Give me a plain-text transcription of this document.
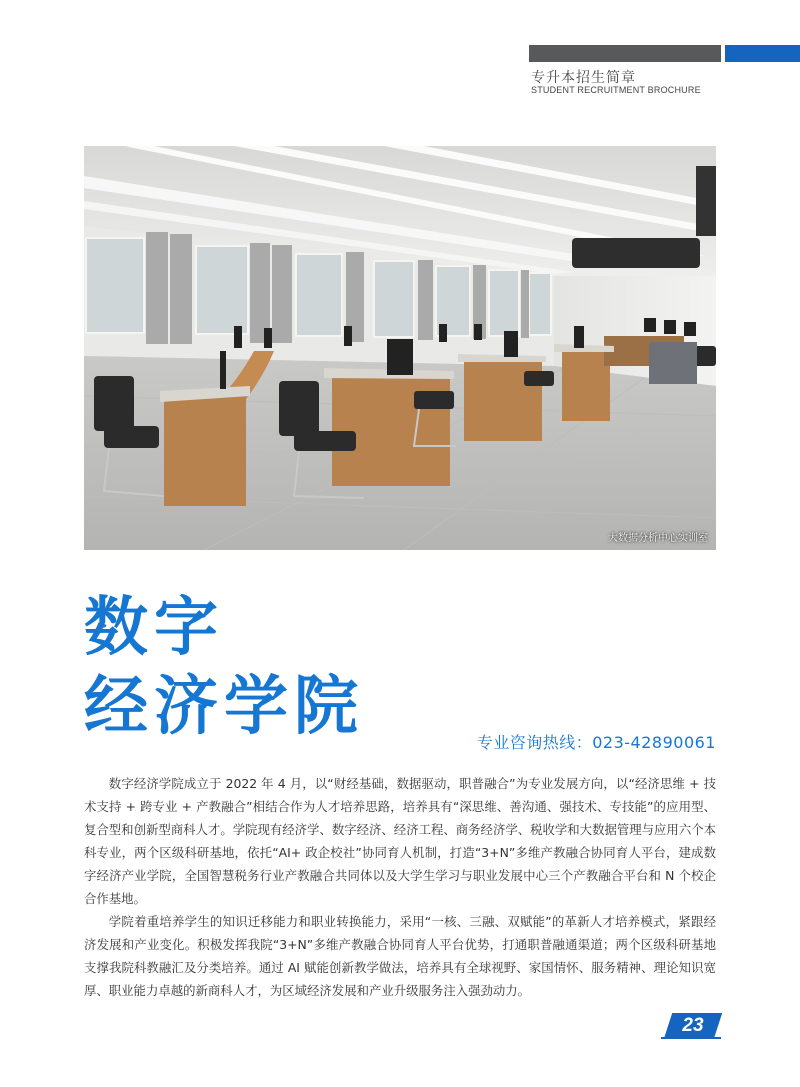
专升本招生简章
STUDENT RECRUITMENT BROCHURE
大数据分析中心实训室
数字
经济学院	专业咨询热线：023-42890061

数字经济学院成立于 2022 年 4 月，以“财经基础，数据驱动，职普融合”为专业发展方向，以“经济思维 + 技术支持 + 跨专业 + 产教融合”相结合作为人才培养思路，培养具有“深思维、善沟通、强技术、专技能”的应用型、复合型和创新型商科人才。学院现有经济学、数字经济、经济工程、商务经济学、税收学和大数据管理与应用六个本科专业，两个区级科研基地，依托“AI+ 政企校社”协同育人机制，打造“3+N”多维产教融合协同育人平台，建成数字经济产业学院，全国智慧税务行业产教融合共同体以及大学生学习与职业发展中心三个产教融合平台和 N 个校企合作基地。

学院着重培养学生的知识迁移能力和职业转换能力，采用“一核、三融、双赋能”的革新人才培养模式，紧跟经济发展和产业变化。积极发挥我院“3+N”多维产教融合协同育人平台优势，打通职普融通渠道；两个区级科研基地支撑我院科教融汇及分类培养。通过 AI 赋能创新教学做法，培养具有全球视野、家国情怀、服务精神、理论知识宽厚、职业能力卓越的新商科人才，为区域经济发展和产业升级服务注入强劲动力。

23
